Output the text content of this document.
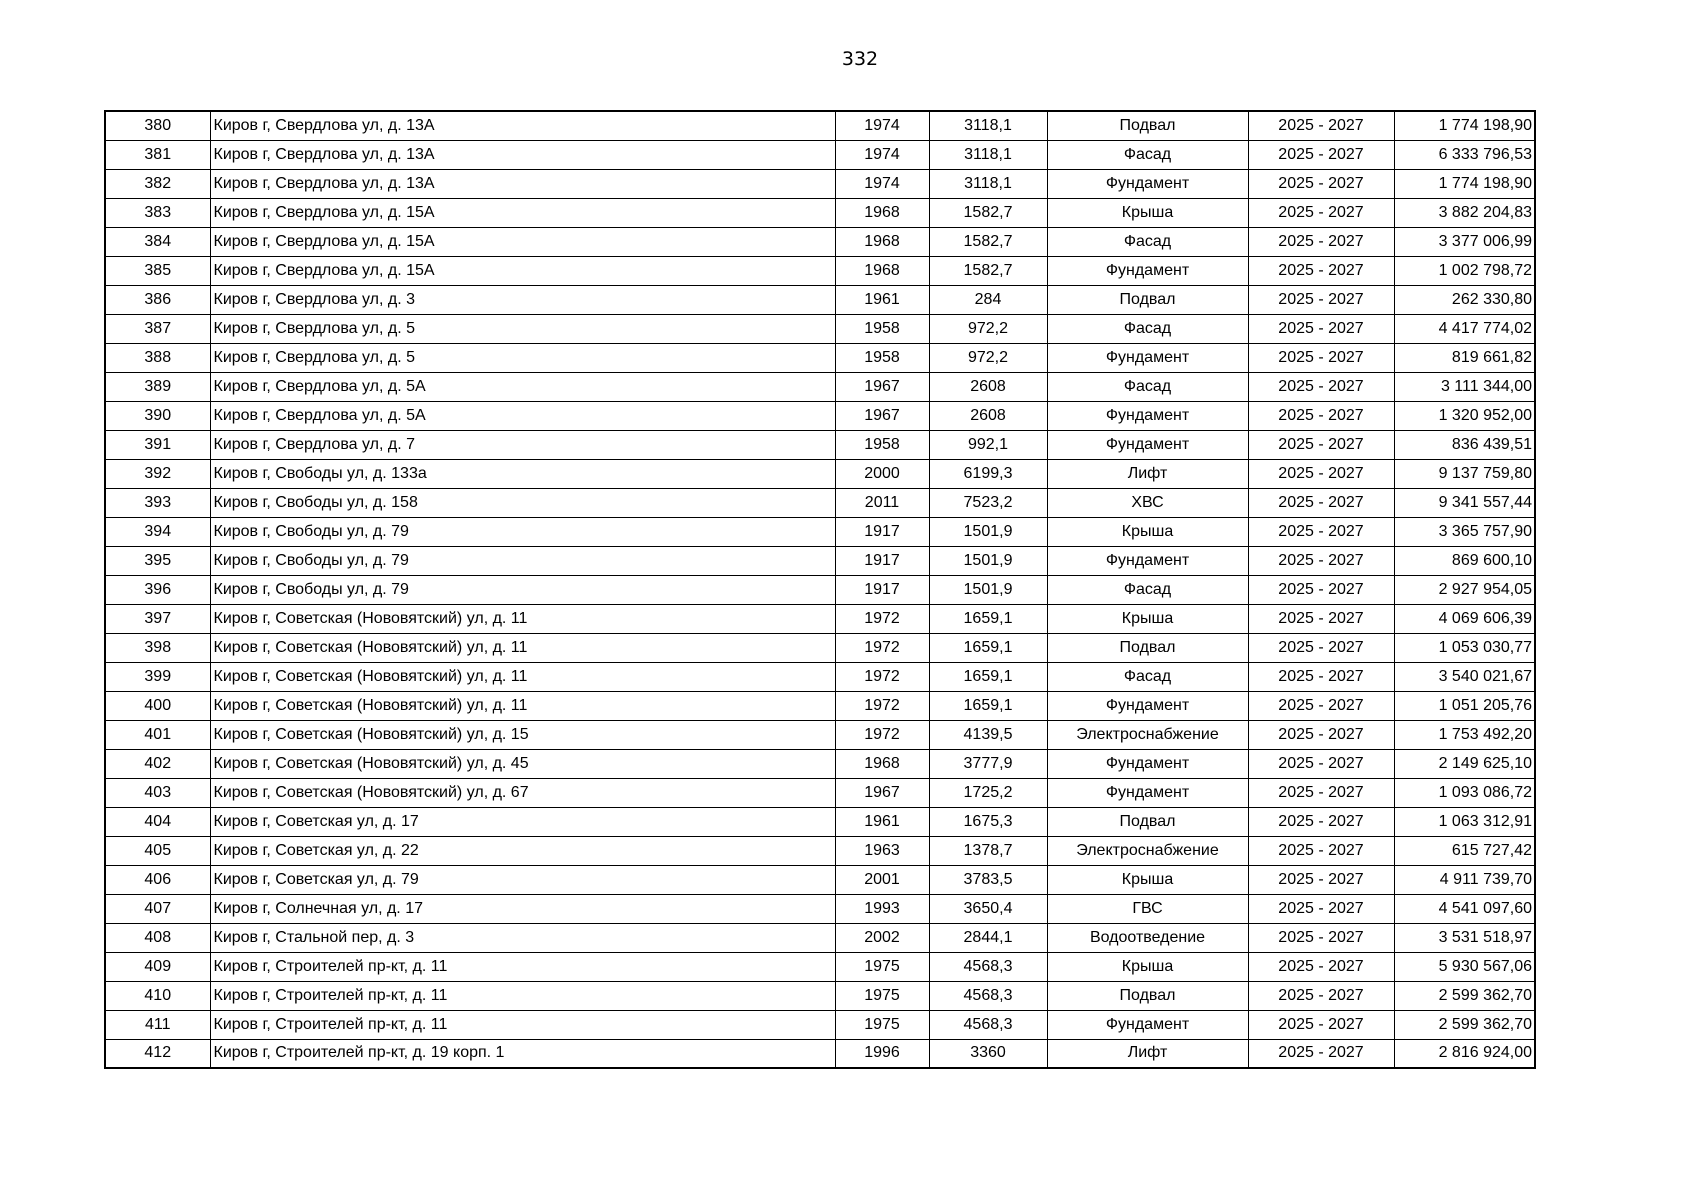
332
380	Киров г, Свердлова ул, д. 13А	1974	3118,1	Подвал	2025 - 2027	1 774 198,90
381	Киров г, Свердлова ул, д. 13А	1974	3118,1	Фасад	2025 - 2027	6 333 796,53
382	Киров г, Свердлова ул, д. 13А	1974	3118,1	Фундамент	2025 - 2027	1 774 198,90
383	Киров г, Свердлова ул, д. 15А	1968	1582,7	Крыша	2025 - 2027	3 882 204,83
384	Киров г, Свердлова ул, д. 15А	1968	1582,7	Фасад	2025 - 2027	3 377 006,99
385	Киров г, Свердлова ул, д. 15А	1968	1582,7	Фундамент	2025 - 2027	1 002 798,72
386	Киров г, Свердлова ул, д. 3	1961	284	Подвал	2025 - 2027	262 330,80
387	Киров г, Свердлова ул, д. 5	1958	972,2	Фасад	2025 - 2027	4 417 774,02
388	Киров г, Свердлова ул, д. 5	1958	972,2	Фундамент	2025 - 2027	819 661,82
389	Киров г, Свердлова ул, д. 5А	1967	2608	Фасад	2025 - 2027	3 111 344,00
390	Киров г, Свердлова ул, д. 5А	1967	2608	Фундамент	2025 - 2027	1 320 952,00
391	Киров г, Свердлова ул, д. 7	1958	992,1	Фундамент	2025 - 2027	836 439,51
392	Киров г, Свободы ул, д. 133а	2000	6199,3	Лифт	2025 - 2027	9 137 759,80
393	Киров г, Свободы ул, д. 158	2011	7523,2	ХВС	2025 - 2027	9 341 557,44
394	Киров г, Свободы ул, д. 79	1917	1501,9	Крыша	2025 - 2027	3 365 757,90
395	Киров г, Свободы ул, д. 79	1917	1501,9	Фундамент	2025 - 2027	869 600,10
396	Киров г, Свободы ул, д. 79	1917	1501,9	Фасад	2025 - 2027	2 927 954,05
397	Киров г, Советская (Нововятский) ул, д. 11	1972	1659,1	Крыша	2025 - 2027	4 069 606,39
398	Киров г, Советская (Нововятский) ул, д. 11	1972	1659,1	Подвал	2025 - 2027	1 053 030,77
399	Киров г, Советская (Нововятский) ул, д. 11	1972	1659,1	Фасад	2025 - 2027	3 540 021,67
400	Киров г, Советская (Нововятский) ул, д. 11	1972	1659,1	Фундамент	2025 - 2027	1 051 205,76
401	Киров г, Советская (Нововятский) ул, д. 15	1972	4139,5	Электроснабжение	2025 - 2027	1 753 492,20
402	Киров г, Советская (Нововятский) ул, д. 45	1968	3777,9	Фундамент	2025 - 2027	2 149 625,10
403	Киров г, Советская (Нововятский) ул, д. 67	1967	1725,2	Фундамент	2025 - 2027	1 093 086,72
404	Киров г, Советская ул, д. 17	1961	1675,3	Подвал	2025 - 2027	1 063 312,91
405	Киров г, Советская ул, д. 22	1963	1378,7	Электроснабжение	2025 - 2027	615 727,42
406	Киров г, Советская ул, д. 79	2001	3783,5	Крыша	2025 - 2027	4 911 739,70
407	Киров г, Солнечная ул, д. 17	1993	3650,4	ГВС	2025 - 2027	4 541 097,60
408	Киров г, Стальной пер, д. 3	2002	2844,1	Водоотведение	2025 - 2027	3 531 518,97
409	Киров г, Строителей пр-кт, д. 11	1975	4568,3	Крыша	2025 - 2027	5 930 567,06
410	Киров г, Строителей пр-кт, д. 11	1975	4568,3	Подвал	2025 - 2027	2 599 362,70
411	Киров г, Строителей пр-кт, д. 11	1975	4568,3	Фундамент	2025 - 2027	2 599 362,70
412	Киров г, Строителей пр-кт, д. 19 корп. 1	1996	3360	Лифт	2025 - 2027	2 816 924,00
